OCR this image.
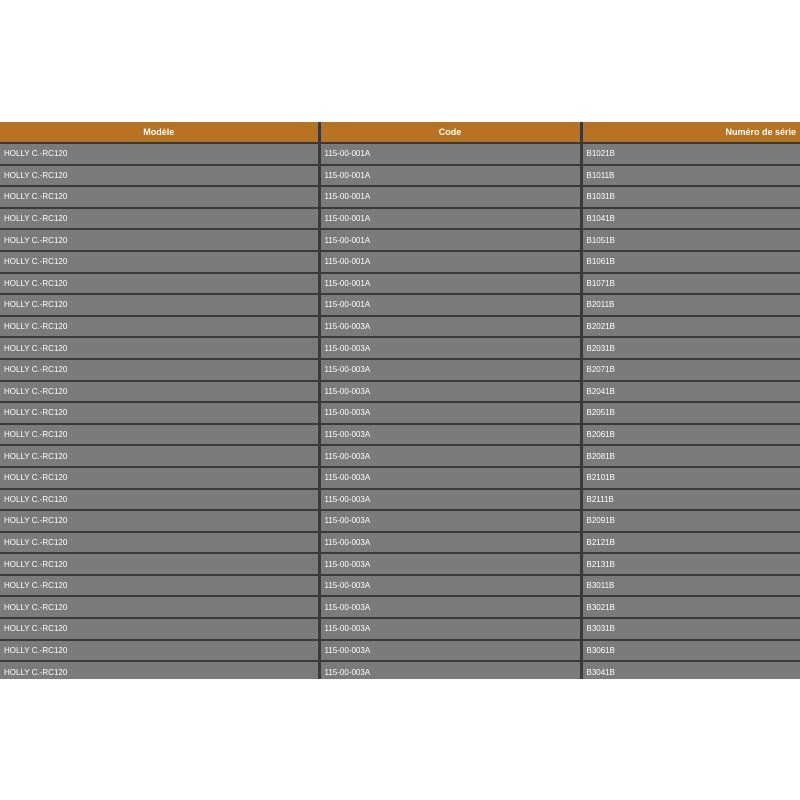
Modèle	Code	Numéro de série
HOLLY C.-RC120	115-00-001A	B1021B
HOLLY C.-RC120	115-00-001A	B1011B
HOLLY C.-RC120	115-00-001A	B1031B
HOLLY C.-RC120	115-00-001A	B1041B
HOLLY C.-RC120	115-00-001A	B1051B
HOLLY C.-RC120	115-00-001A	B1061B
HOLLY C.-RC120	115-00-001A	B1071B
HOLLY C.-RC120	115-00-001A	B2011B
HOLLY C.-RC120	115-00-003A	B2021B
HOLLY C.-RC120	115-00-003A	B2031B
HOLLY C.-RC120	115-00-003A	B2071B
HOLLY C.-RC120	115-00-003A	B2041B
HOLLY C.-RC120	115-00-003A	B2051B
HOLLY C.-RC120	115-00-003A	B2061B
HOLLY C.-RC120	115-00-003A	B2081B
HOLLY C.-RC120	115-00-003A	B2101B
HOLLY C.-RC120	115-00-003A	B2111B
HOLLY C.-RC120	115-00-003A	B2091B
HOLLY C.-RC120	115-00-003A	B2121B
HOLLY C.-RC120	115-00-003A	B2131B
HOLLY C.-RC120	115-00-003A	B3011B
HOLLY C.-RC120	115-00-003A	B3021B
HOLLY C.-RC120	115-00-003A	B3031B
HOLLY C.-RC120	115-00-003A	B3061B
HOLLY C.-RC120	115-00-003A	B3041B
